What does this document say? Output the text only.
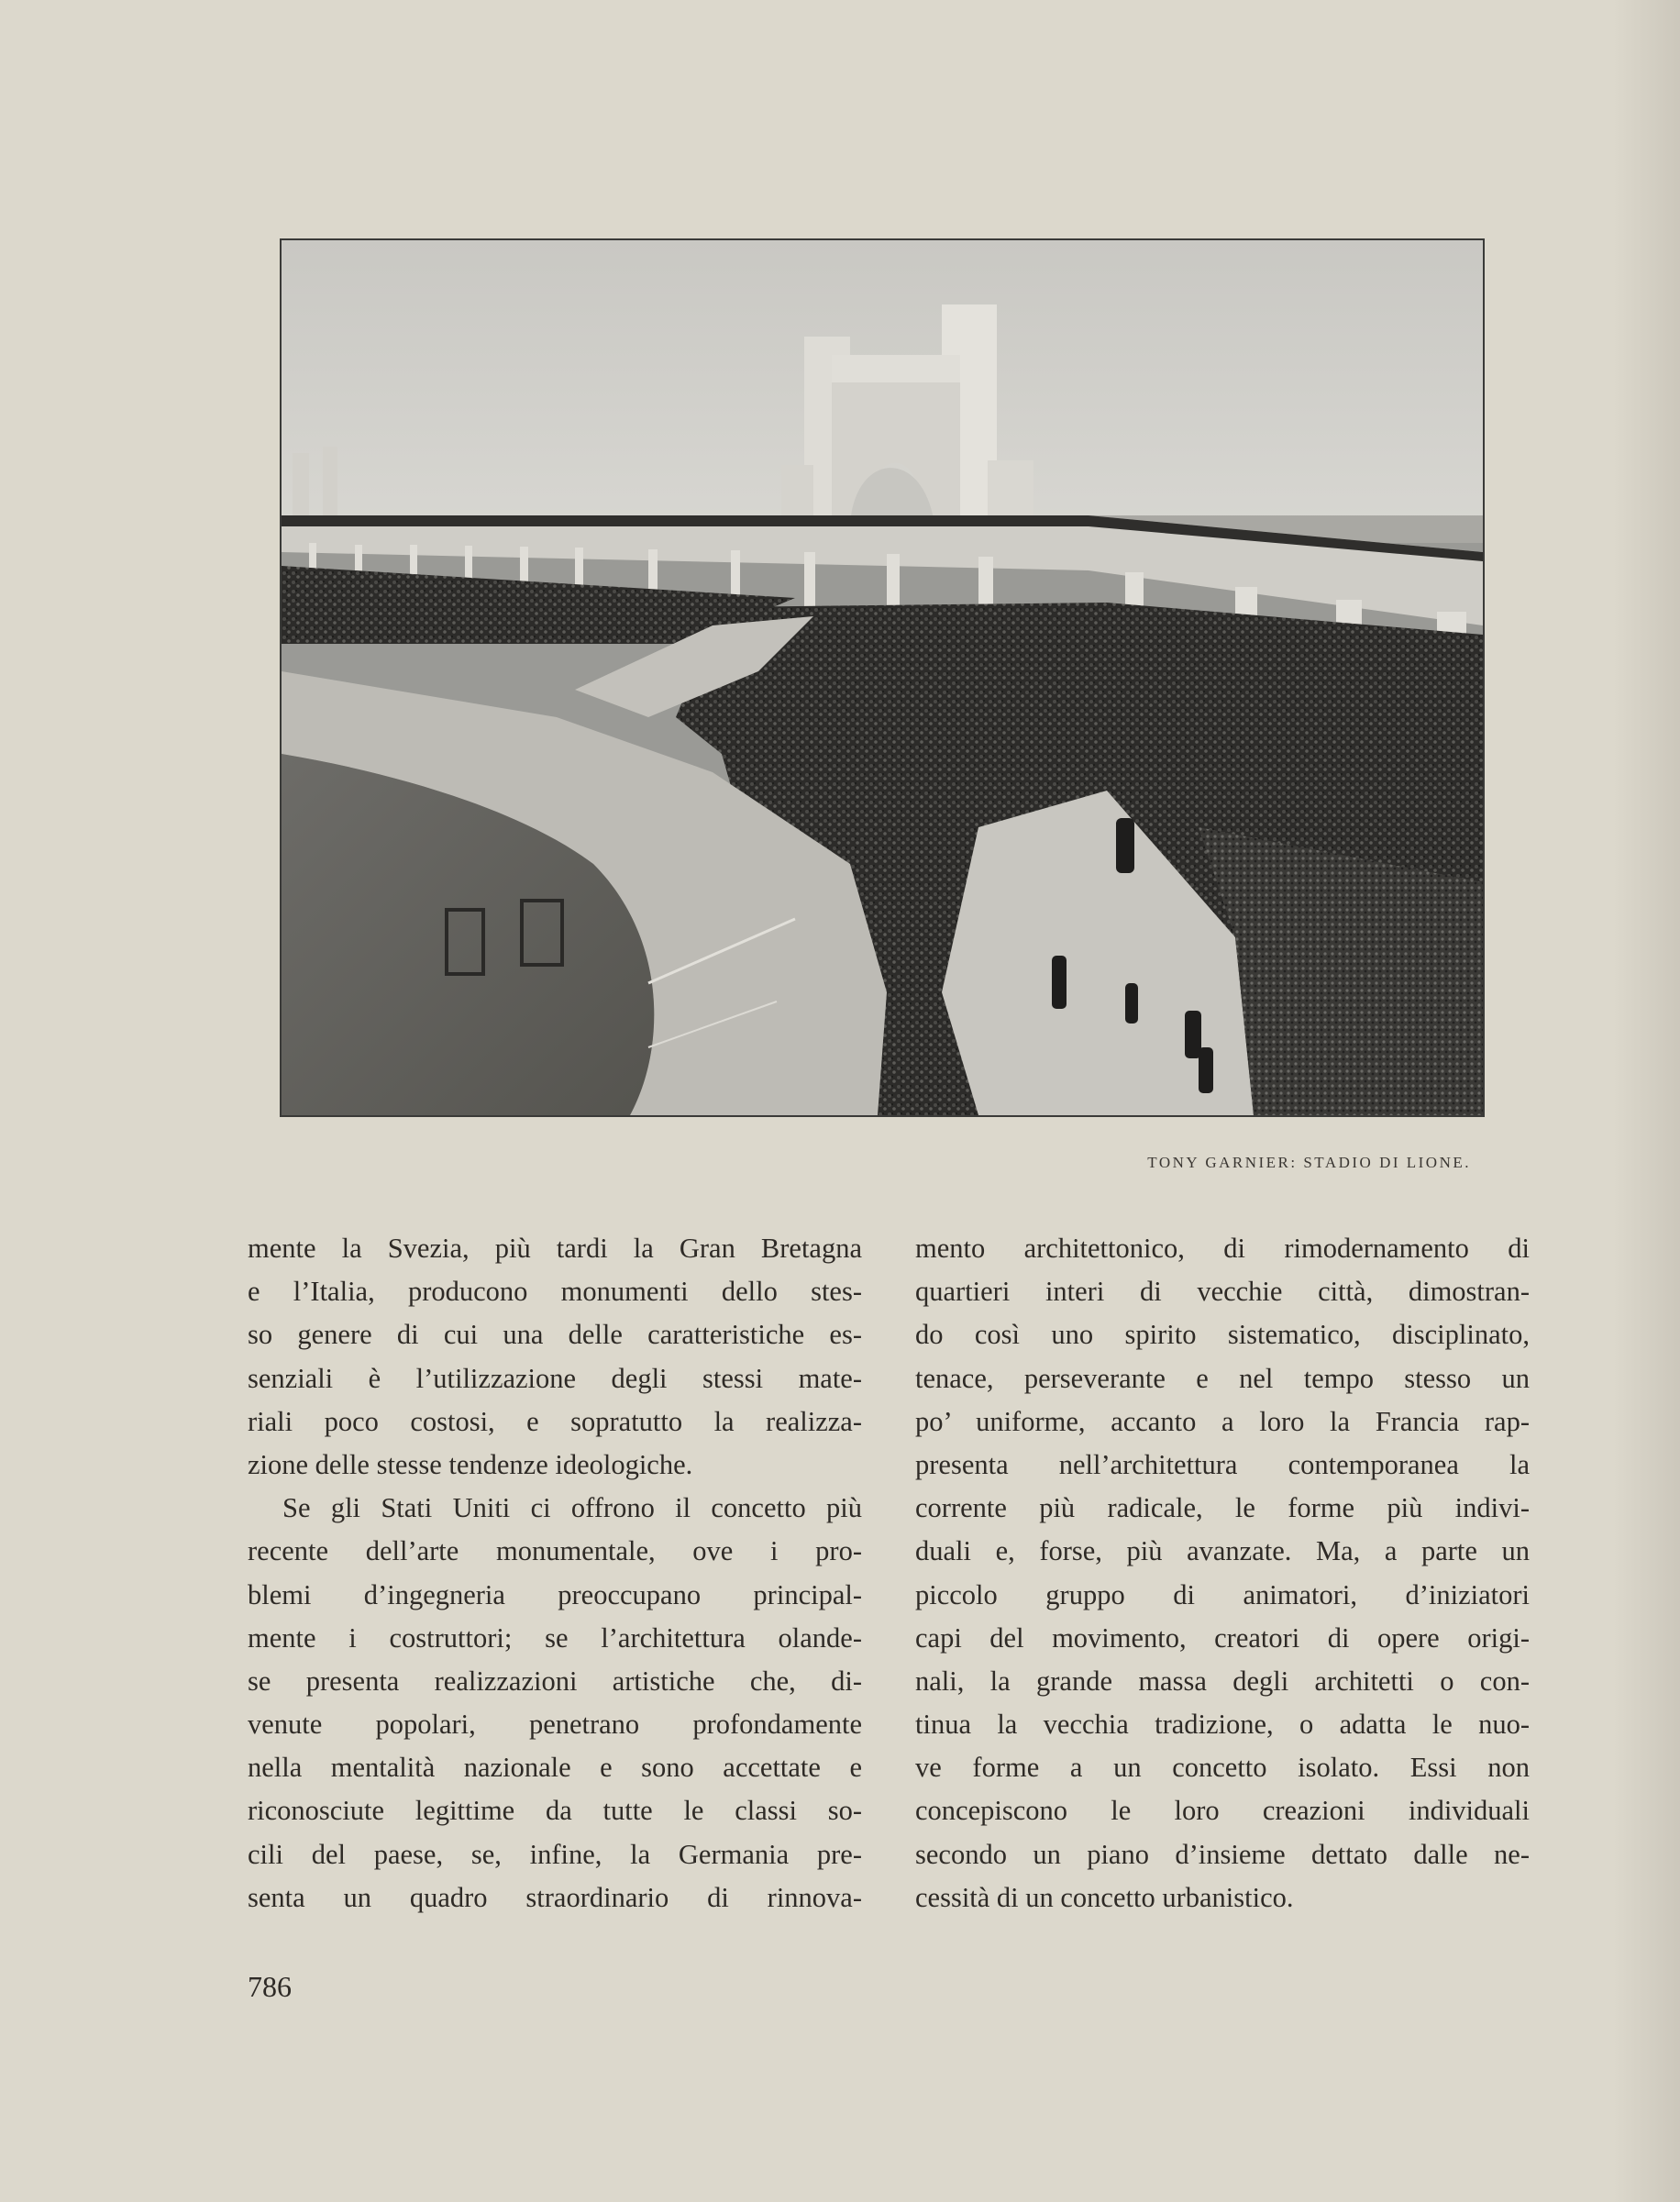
TONY GARNIER: STADIO DI LIONE.
mente la Svezia, più tardi la Gran Bretagna
e l’Italia, producono monumenti dello stes-
so genere di cui una delle caratteristiche es-
senziali è l’utilizzazione degli stessi mate-
riali poco costosi, e sopratutto la realizza-
zione delle stesse tendenze ideologiche.
Se gli Stati Uniti ci offrono il concetto più
recente dell’arte monumentale, ove i pro-
blemi d’ingegneria preoccupano principal-
mente i costruttori; se l’architettura olande-
se presenta realizzazioni artistiche che, di-
venute popolari, penetrano profondamente
nella mentalità nazionale e sono accettate e
riconosciute legittime da tutte le classi so-
cili del paese, se, infine, la Germania pre-
senta un quadro straordinario di rinnova-
mento architettonico, di rimodernamento di
quartieri interi di vecchie città, dimostran-
do così uno spirito sistematico, disciplinato,
tenace, perseverante e nel tempo stesso un
po’ uniforme, accanto a loro la Francia rap-
presenta nell’architettura contemporanea la
corrente più radicale, le forme più indivi-
duali e, forse, più avanzate. Ma, a parte un
piccolo gruppo di animatori, d’iniziatori
capi del movimento, creatori di opere origi-
nali, la grande massa degli architetti o con-
tinua la vecchia tradizione, o adatta le nuo-
ve forme a un concetto isolato. Essi non
concepiscono le loro creazioni individuali
secondo un piano d’insieme dettato dalle ne-
cessità di un concetto urbanistico.
786
